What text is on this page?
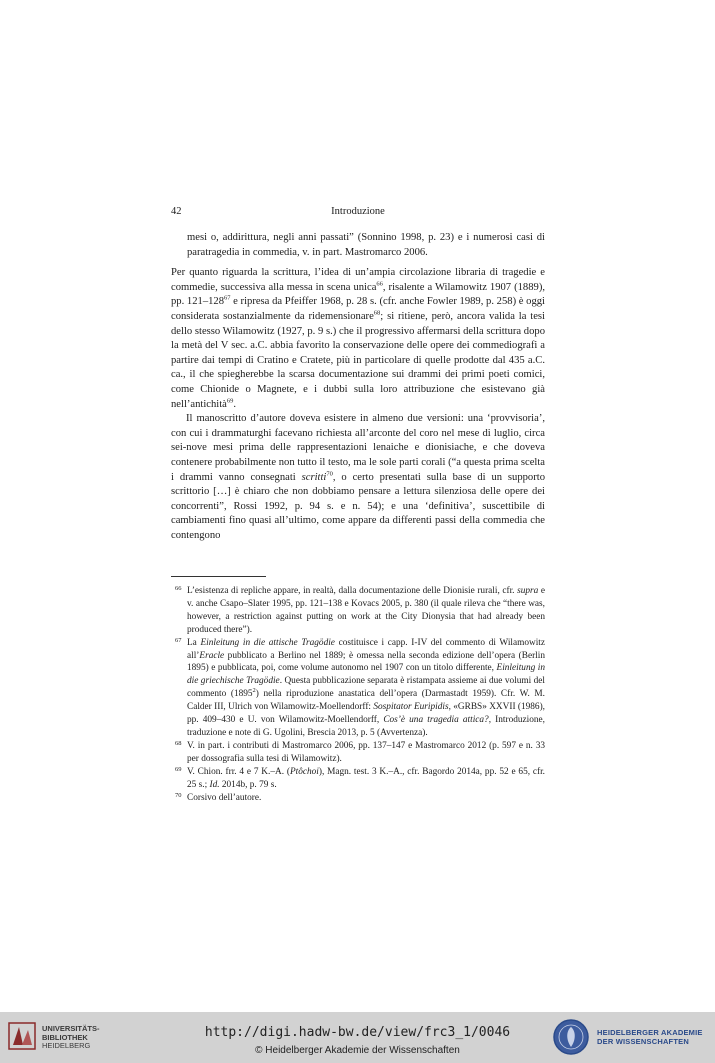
42	Introduzione

mesi o, addirittura, negli anni passati” (Sonnino 1998, p. 23) e i numerosi casi di paratragedia in commedia, v. in part. Mastromarco 2006.

Per quanto riguarda la scrittura, l’idea di un’ampia circolazione libraria di tragedie e commedie, successiva alla messa in scena unica$^{66}$, risalente a Wilamowitz 1907 (1889), pp. $121-128^{67}$ e ripresa da Pfeiffer 1968, p. 28 s. (cfr. anche Fowler 1989, p. 258) è oggi considerata sostanzialmente da ridemensionare$^{68}$; si ritiene, però, ancora valida la tesi dello stesso Wilamowitz (1927, p. 9 s.) che il progressivo affermarsi della scrittura dopo la metà del V sec. a.C. abbia favorito la conservazione delle opere dei commediografi a partire dai tempi di Cratino e Cratete, più in particolare di quelle prodotte dal 435 a.C. ca., il che spiegherebbe la scarsa documentazione sui drammi dei primi poeti comici, come Chionide o Magnete, e i dubbi sulla loro attribuzione che esistevano già nell’antichità$^{69}$.

Il manoscritto d’autore doveva esistere in almeno due versioni: una ‘provvisoria’, con cui i drammaturghi facevano richiesta all’arconte del coro nel mese di luglio, circa sei-nove mesi prima delle rappresentazioni lenaiche e dionisiache, e che doveva contenere probabilmente non tutto il testo, ma le sole parti corali (“a questa prima scelta i drammi vanno consegnati scritti$^{70}$, o certo presentati sulla base di un supporto scrittorio […] è chiaro che non dobbiamo pensare a lettura silenziosa delle opere dei concorrenti”, Rossi 1992, p. 94 s. e n. 54); e una ‘definitiva’, suscettibile di cambiamenti fino quasi all’ultimo, come appare da differenti passi della commedia che contengono

66 L’esistenza di repliche appare, in realtà, dalla documentazione delle Dionisie rurali, cfr. supra e v. anche Csapo–Slater 1995, pp. 121–138 e Kovacs 2005, p. 380 (il quale rileva che “there was, however, a restriction against putting on work at the City Dionysia that had already been produced there”).
67 La Einleitung in die attische Tragödie costituisce i capp. I-IV del commento di Wilamowitz all’Eracle pubblicato a Berlino nel 1889; è omessa nella seconda edizione dell’opera (Berlin 1895) e pubblicata, poi, come volume autonomo nel 1907 con un titolo differente, Einleitung in die griechische Tragödie. Questa pubblicazione separata è ristampata assieme ai due volumi del commento (1895$^2$) nella riproduzione anastatica dell’opera (Darmastadt 1959). Cfr. W. M. Calder III, Ulrich von Wilamowitz-Moellendorff: Sospitator Euripidis, «GRBS» XXVII (1986), pp. 409–430 e U. von Wilamowitz-Moellendorff, Cos’è una tragedia attica?, Introduzione, traduzione e note di G. Ugolini, Brescia 2013, p. 5 (Avvertenza).
68 V. in part. i contributi di Mastromarco 2006, pp. 137–147 e Mastromarco 2012 (p. 597 e n. 33 per dossografia sulla tesi di Wilamowitz).
69 V. Chion. frr. 4 e 7 K.–A. (Ptôchoi), Magn. test. 3 K.–A., cfr. Bagordo 2014a, pp. 52 e 65, cfr. 25 s.; Id. 2014b, p. 79 s.
70 Corsivo dell’autore.
UNIVERSITÄTS-
BIBLIOTHEK
HEIDELBERG
http://digi.hadw-bw.de/view/frc3_1/0046
© Heidelberger Akademie der Wissenschaften
HEIDELBERGER AKADEMIE
DER WISSENSCHAFTEN
